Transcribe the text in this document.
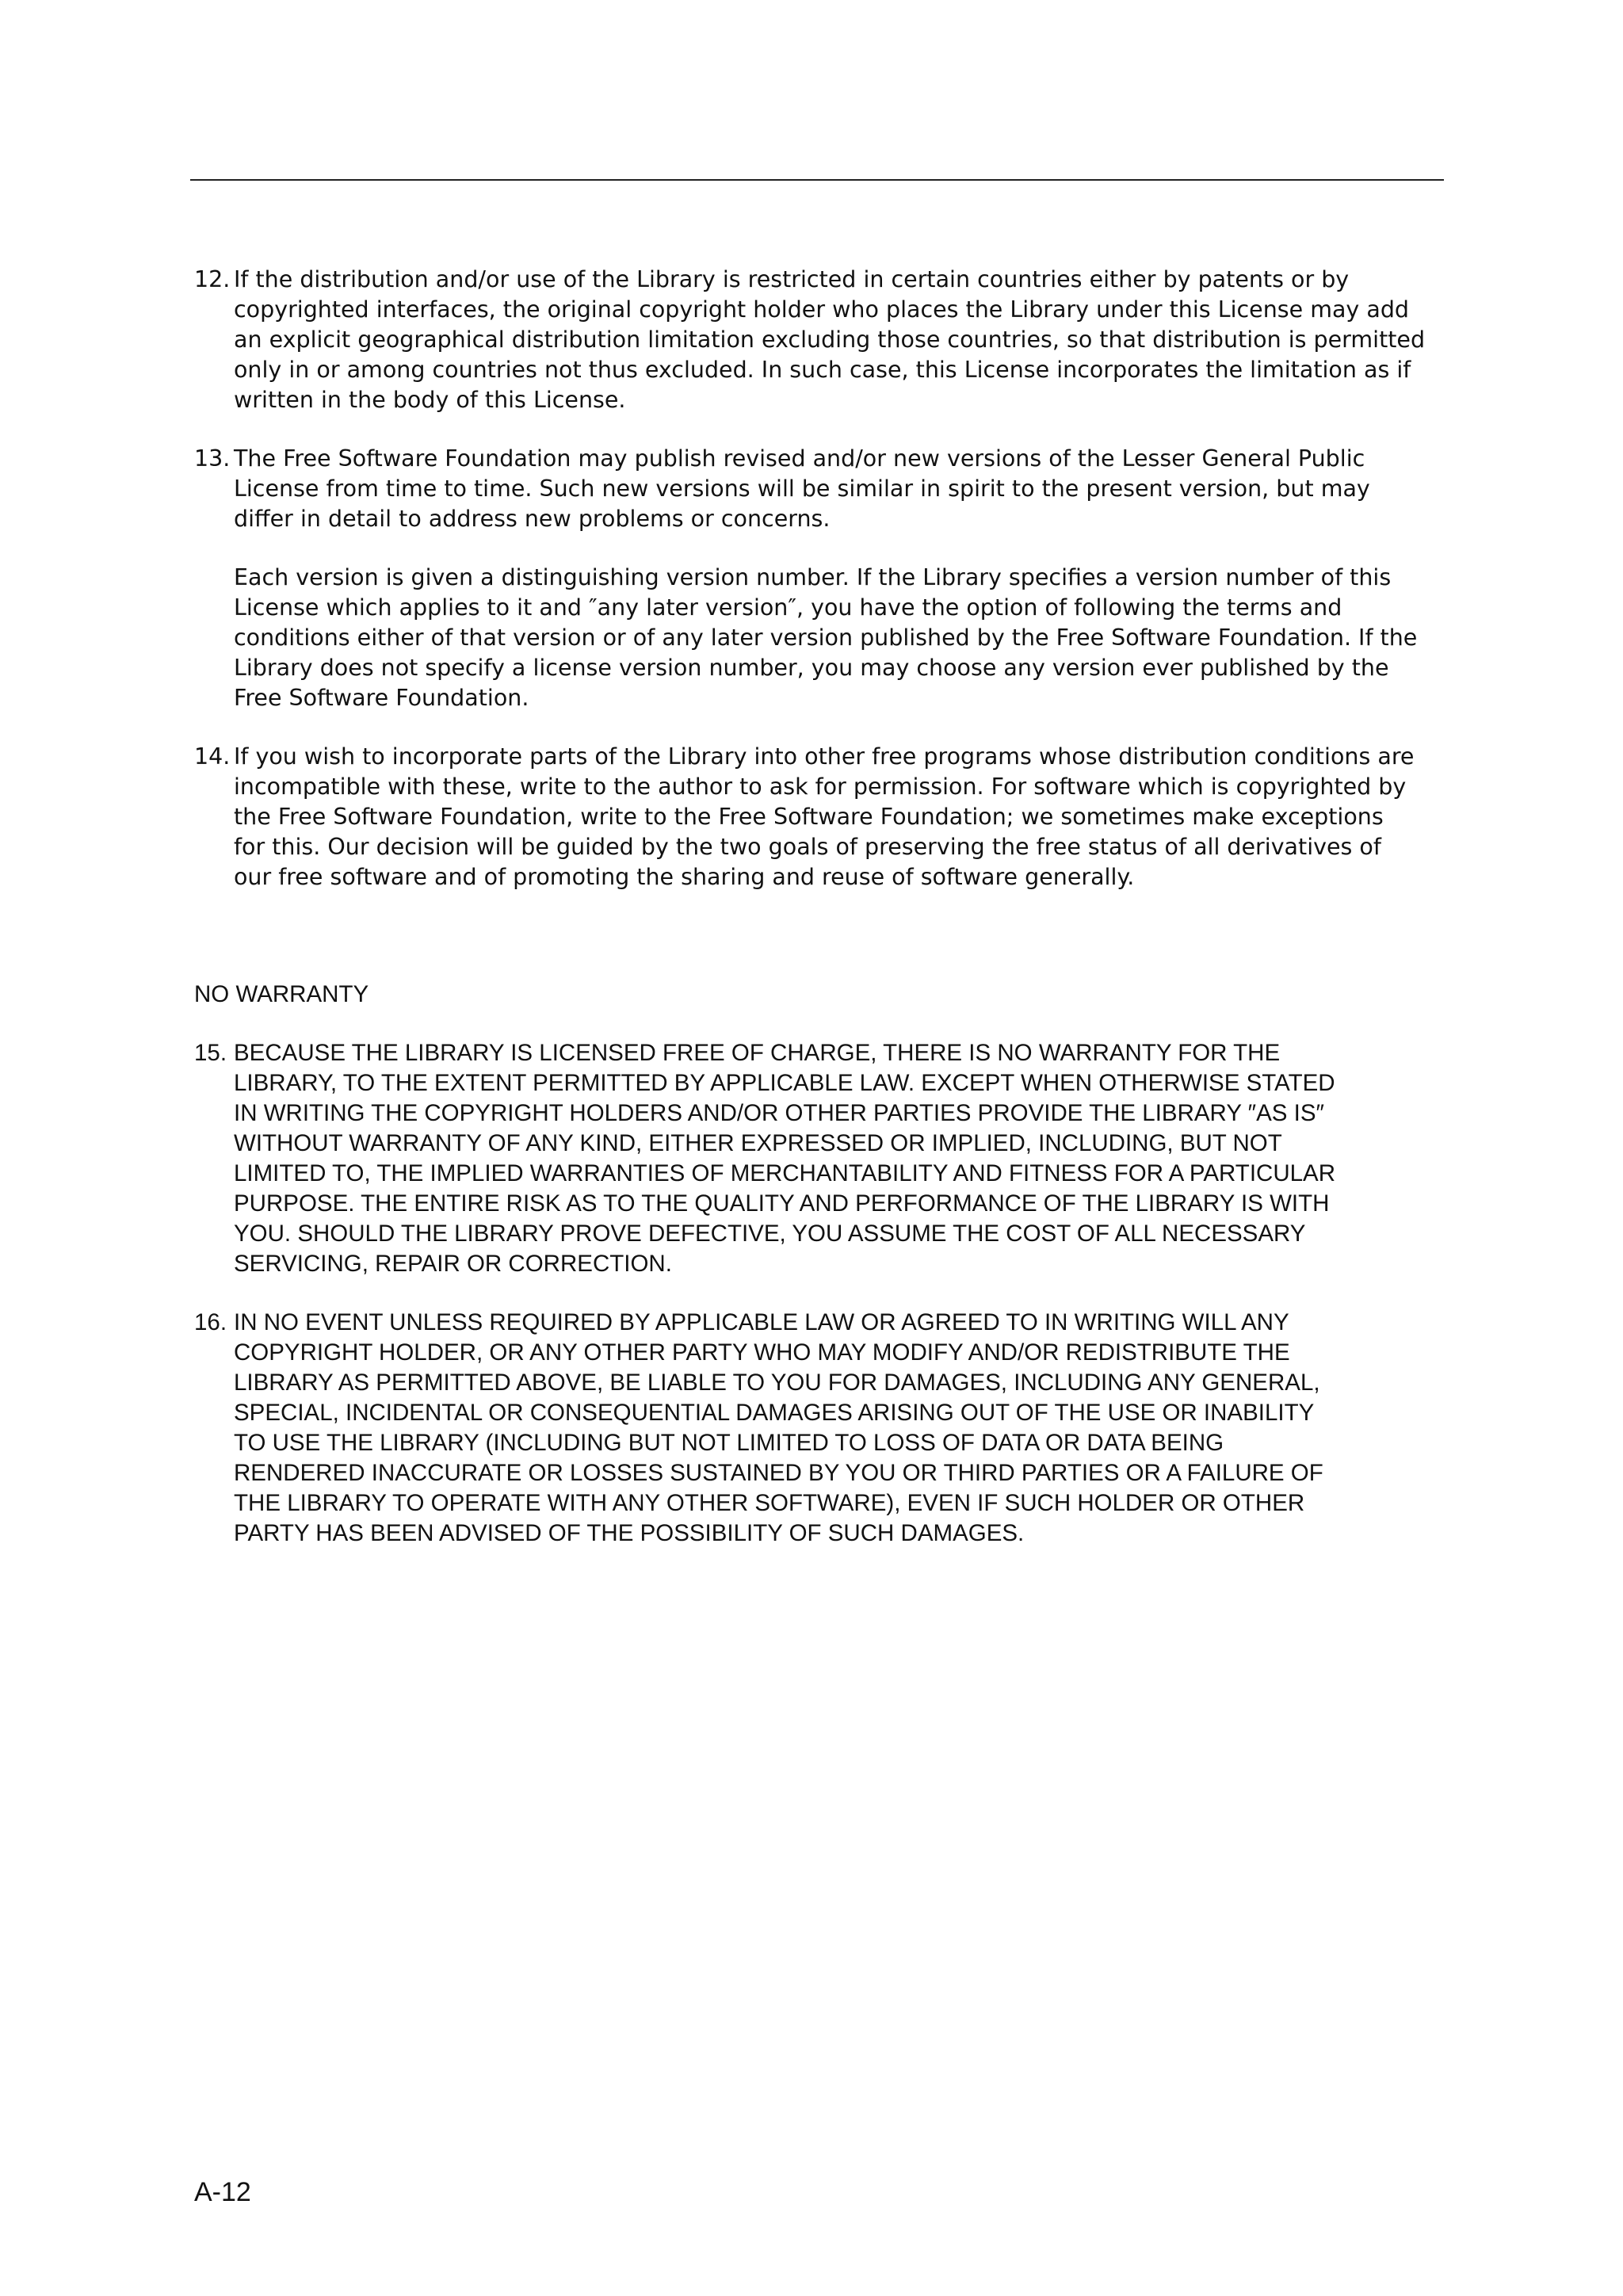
12. If the distribution and/or use of the Library is restricted in certain countries either by patents or by
copyrighted interfaces, the original copyright holder who places the Library under this License may add
an explicit geographical distribution limitation excluding those countries, so that distribution is permitted
only in or among countries not thus excluded. In such case, this License incorporates the limitation as if
written in the body of this License.

13. The Free Software Foundation may publish revised and/or new versions of the Lesser General Public
License from time to time. Such new versions will be similar in spirit to the present version, but may
differ in detail to address new problems or concerns.

Each version is given a distinguishing version number. If the Library specifies a version number of this
License which applies to it and ″any later version″, you have the option of following the terms and
conditions either of that version or of any later version published by the Free Software Foundation. If the
Library does not specify a license version number, you may choose any version ever published by the
Free Software Foundation.

14. If you wish to incorporate parts of the Library into other free programs whose distribution conditions are
incompatible with these, write to the author to ask for permission. For software which is copyrighted by
the Free Software Foundation, write to the Free Software Foundation; we sometimes make exceptions
for this. Our decision will be guided by the two goals of preserving the free status of all derivatives of
our free software and of promoting the sharing and reuse of software generally.

NO WARRANTY
15. BECAUSE THE LIBRARY IS LICENSED FREE OF CHARGE, THERE IS NO WARRANTY FOR THE
LIBRARY, TO THE EXTENT PERMITTED BY APPLICABLE LAW. EXCEPT WHEN OTHERWISE STATED
IN WRITING THE COPYRIGHT HOLDERS AND/OR OTHER PARTIES PROVIDE THE LIBRARY ″AS IS″
WITHOUT WARRANTY OF ANY KIND, EITHER EXPRESSED OR IMPLIED, INCLUDING, BUT NOT
LIMITED TO, THE IMPLIED WARRANTIES OF MERCHANTABILITY AND FITNESS FOR A PARTICULAR
PURPOSE. THE ENTIRE RISK AS TO THE QUALITY AND PERFORMANCE OF THE LIBRARY IS WITH
YOU. SHOULD THE LIBRARY PROVE DEFECTIVE, YOU ASSUME THE COST OF ALL NECESSARY
SERVICING, REPAIR OR CORRECTION.

16. IN NO EVENT UNLESS REQUIRED BY APPLICABLE LAW OR AGREED TO IN WRITING WILL ANY
COPYRIGHT HOLDER, OR ANY OTHER PARTY WHO MAY MODIFY AND/OR REDISTRIBUTE THE
LIBRARY AS PERMITTED ABOVE, BE LIABLE TO YOU FOR DAMAGES, INCLUDING ANY GENERAL,
SPECIAL, INCIDENTAL OR CONSEQUENTIAL DAMAGES ARISING OUT OF THE USE OR INABILITY
TO USE THE LIBRARY (INCLUDING BUT NOT LIMITED TO LOSS OF DATA OR DATA BEING
RENDERED INACCURATE OR LOSSES SUSTAINED BY YOU OR THIRD PARTIES OR A FAILURE OF
THE LIBRARY TO OPERATE WITH ANY OTHER SOFTWARE), EVEN IF SUCH HOLDER OR OTHER
PARTY HAS BEEN ADVISED OF THE POSSIBILITY OF SUCH DAMAGES.

A-12
